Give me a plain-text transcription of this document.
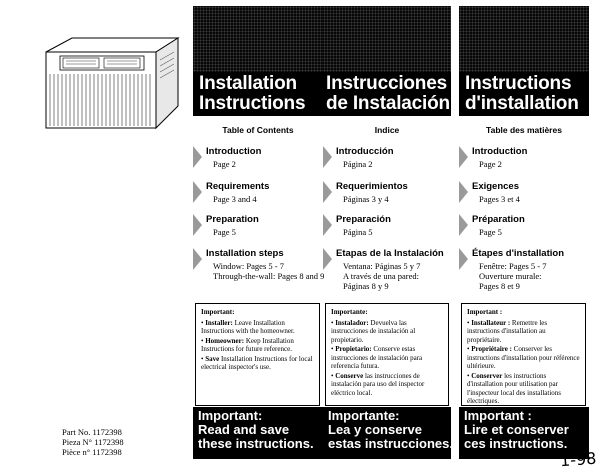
Installation
Instructions
Table of Contents
Introduction
Page 2
Requirements
Page 3 and 4
Preparation
Page 5
Installation steps
Window: Pages 5 - 7
Through-the-wall: Pages 8 and 9
Important:
• Installer: Leave Installation Instructions with the homeowner.
• Homeowner: Keep Installation Instructions for future reference.
• Save Installation Instructions for local electrical inspector's use.
Important:
Read and save
these instructions.
Instrucciones
de Instalación
Indice
Introducción
Página 2
Requerimientos
Páginas 3 y 4
Preparación
Página 5
Etapas de la Instalación
Ventana: Páginas 5 y 7
A través de una pared:
Páginas 8 y 9
Importante:
• Instalador: Devuelva las instrucciones de instalación al propietario.
• Propietario: Conserve estas instrucciones de instalación para referencia futura.
• Conserve las instrucciones de instalación para uso del inspector eléctrico local.
Importante:
Lea y conserve
estas instrucciones.
Instructions
d'installation
Table des matières
Introduction
Page 2
Exigences
Pages 3 et 4
Préparation
Page 5
Étapes d'installation
Fenêtre: Pages 5 - 7
Ouverture murale:
Pages 8 et 9
Important :
• Installateur : Remettre les instructions d'installation au propriétaire.
• Propriétaire : Conserver les instructions d'installation pour référence ultérieure.
• Conserver les instructions d'installation pour utilisation par l'inspecteur local des installations électriques.
Important :
Lire et conserver
ces instructions.
Part No. 1172398
Pieza N° 1172398
Pièce n° 1172398	1-98
